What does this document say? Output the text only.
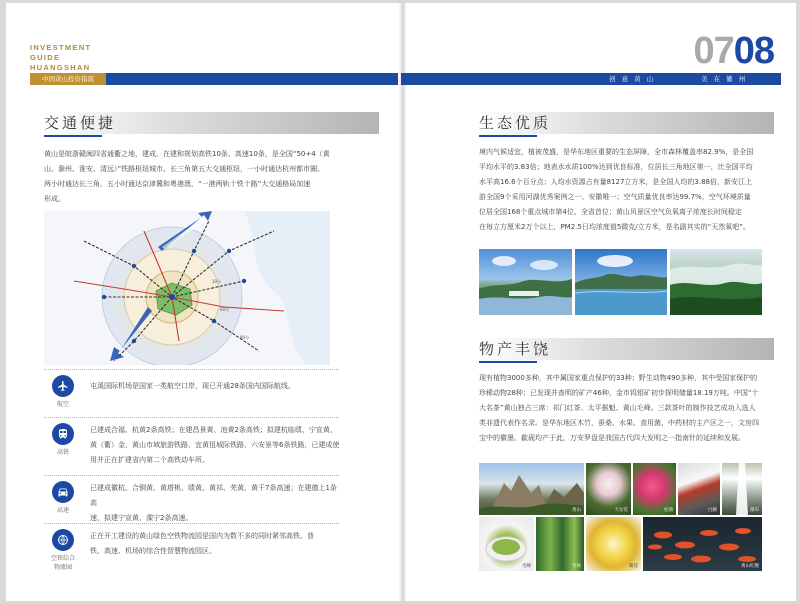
INVESTMENT
GUIDE
HUANGSHAN
中国黄山投资指南
交通便捷
黄山是皖浙赣闽四省通衢之地，建成、在建和规划高铁10条、高速10条，是全国“50+4（黄
山、滁州、淮安、清远）”铁路枢纽城市、长三角第五大交通枢纽，一小时通达杭州都市圈、
两小时通达长三角、五小时通达京津冀和粤港澳，“一港两轨十铁十路”大交通格局加速
形成。
30分
60分
90分
航空
屯溪国际机场是国家一类航空口岸，现已开通28条国内国际航线。
高铁
已建成合福、杭黄2条高铁；在建昌景黄、池黄2条高铁；拟建杭临绩、宁宣黄、
黄（衢）金、黄山市域旅游铁路、宜黄徂城际铁路、六安景等6条铁路，已建成使
用并正在扩建省内第二个高铁动车所。
高速
已建成徽杭、合铜黄、黄塔桃、绩黄、黄祁、芜黄、黄千7条高速；在建德上1条高
速，拟建宁宣黄、溧宁2条高速。
空铁综合
物流园
正在开工建设的黄山绿色空铁物流园是国内为数不多的同时紧邻高铁、普
铁、高速、机场的综合性智慧物流园区。
0708
创 意 黄 山	美 在 徽 州
生态优质
境内气候适宜，植被茂盛，是华东地区重要的生态屏障，全市森林覆盖率82.9%，是全国
平均水平的3.83倍；地表水水质100%达到优良标准，位居长三角地区第一，比全国平均
水平高16.6个百分点；人均水资源占有量8127立方米，是全国人均的3.88倍，新安江上
游全国9个采用河湖优秀案例之一、安徽唯一；空气质量优良率达99.7%，空气环境质量
位居全国168个重点城市第4位、全省首位；黄山风景区空气负氧离子浓度长时间稳定
在每立方厘米2万个以上，PM2.5日均浓度值5微克/立方米，是名副其实的“天然氧吧”。
物产丰饶
现有植物3000多种，其中属国家重点保护的33种；野生动物490多种，其中受国家保护的
珍稀动物28种；已发现并查明的矿产46种，金市钨钼矿初步探明储量18.19万吨。中国“十
大名茶”黄山独占三席：祁门红茶、太平猴魁、黄山毛峰。三款茶叶的制作技艺成功入选人
类非遗代表作名录。是华东地区木竹、蚕桑、水果、食用菌、中药材的主产区之一，文房四
宝中的徽墨、歙砚均产于此，万安罗盘是我国古代四大发明之一指南针的延续和发展。
黄山	天女花	杜鹃	白鹇	瀑布
毛峰	竹林	菊花	黄山红鲤
